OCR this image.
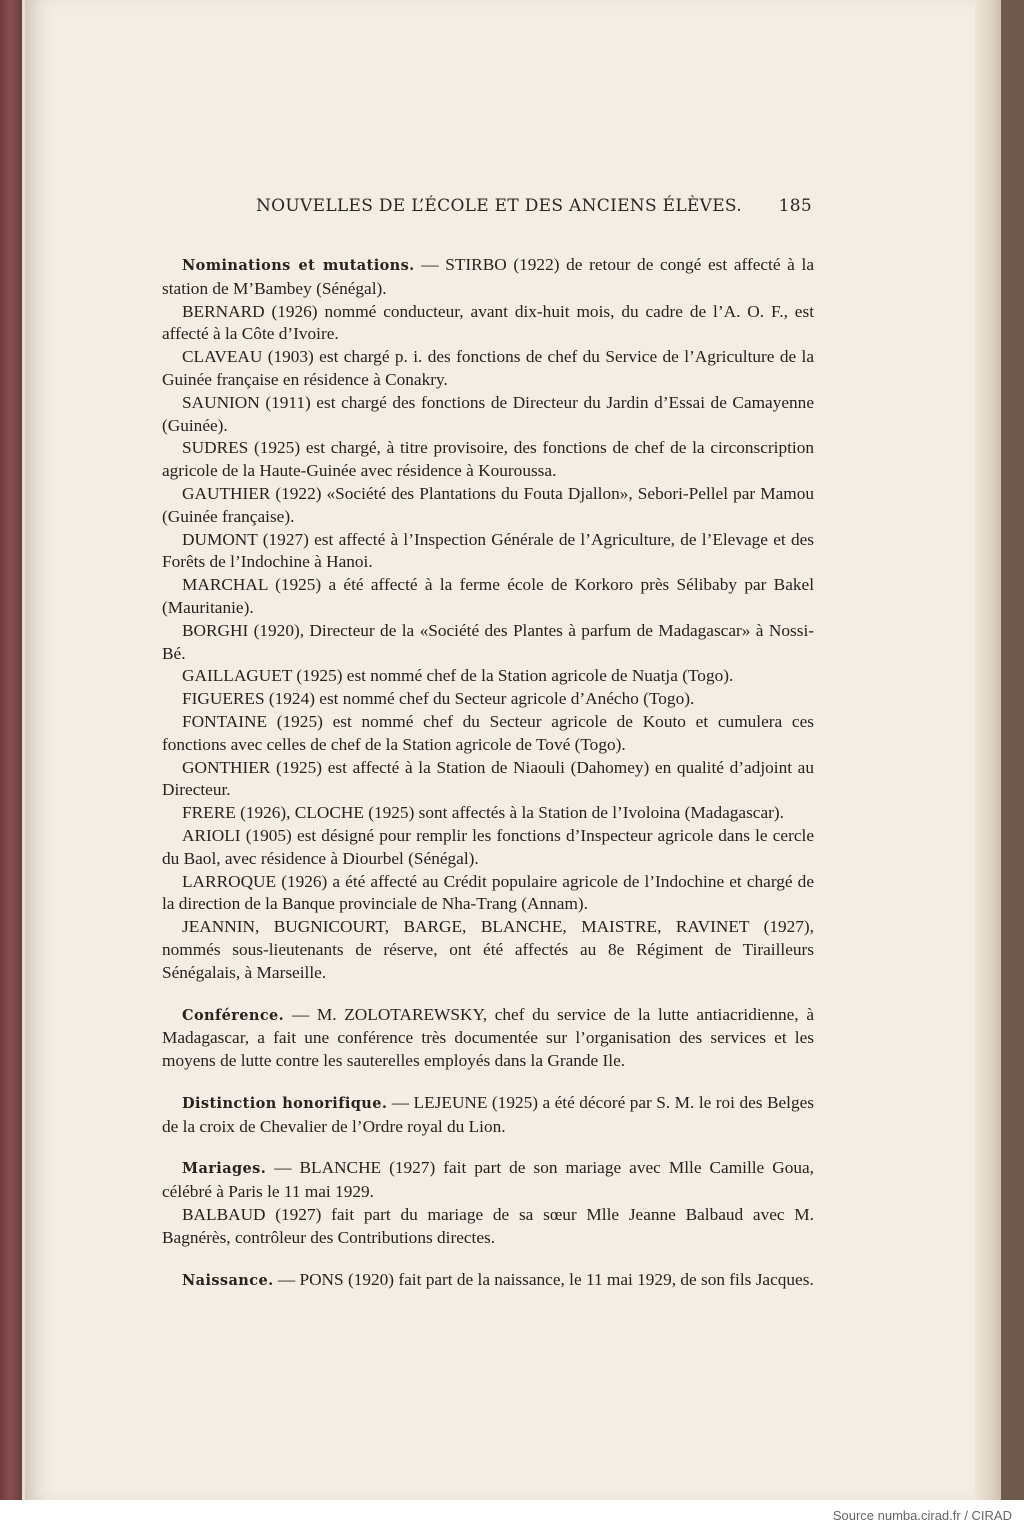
NOUVELLES DE L’ÉCOLE ET DES ANCIENS ÉLÈVES. 185

Nominations et mutations. — STIRBO (1922) de retour de congé est affecté à la station de M’Bambey (Sénégal).

BERNARD (1926) nommé conducteur, avant dix-huit mois, du cadre de l’A. O. F., est affecté à la Côte d’Ivoire.

CLAVEAU (1903) est chargé p. i. des fonctions de chef du Service de l’Agriculture de la Guinée française en résidence à Conakry.

SAUNION (1911) est chargé des fonctions de Directeur du Jardin d’Essai de Camayenne (Guinée).

SUDRES (1925) est chargé, à titre provisoire, des fonctions de chef de la circonscription agricole de la Haute-Guinée avec résidence à Kouroussa.

GAUTHIER (1922) «Société des Plantations du Fouta Djallon», Sebori-Pellel par Mamou (Guinée française).

DUMONT (1927) est affecté à l’Inspection Générale de l’Agriculture, de l’Elevage et des Forêts de l’Indochine à Hanoi.

MARCHAL (1925) a été affecté à la ferme école de Korkoro près Sélibaby par Bakel (Mauritanie).

BORGHI (1920), Directeur de la «Société des Plantes à parfum de Madagascar» à Nossi-Bé.

GAILLAGUET (1925) est nommé chef de la Station agricole de Nuatja (Togo).

FIGUERES (1924) est nommé chef du Secteur agricole d’Anécho (Togo).

FONTAINE (1925) est nommé chef du Secteur agricole de Kouto et cumulera ces fonctions avec celles de chef de la Station agricole de Tové (Togo).

GONTHIER (1925) est affecté à la Station de Niaouli (Dahomey) en qualité d’adjoint au Directeur.

FRERE (1926), CLOCHE (1925) sont affectés à la Station de l’Ivoloina (Madagascar).

ARIOLI (1905) est désigné pour remplir les fonctions d’Inspecteur agricole dans le cercle du Baol, avec résidence à Diourbel (Sénégal).

LARROQUE (1926) a été affecté au Crédit populaire agricole de l’Indochine et chargé de la direction de la Banque provinciale de Nha-Trang (Annam).

JEANNIN, BUGNICOURT, BARGE, BLANCHE, MAISTRE, RAVINET (1927), nommés sous-lieutenants de réserve, ont été affectés au 8e Régiment de Tirailleurs Sénégalais, à Marseille.

Conférence. — M. ZOLOTAREWSKY, chef du service de la lutte antiacridienne, à Madagascar, a fait une conférence très documentée sur l’organisation des services et les moyens de lutte contre les sauterelles employés dans la Grande Ile.

Distinction honorifique. — LEJEUNE (1925) a été décoré par S. M. le roi des Belges de la croix de Chevalier de l’Ordre royal du Lion.

Mariages. — BLANCHE (1927) fait part de son mariage avec Mlle Camille Goua, célébré à Paris le 11 mai 1929.

BALBAUD (1927) fait part du mariage de sa sœur Mlle Jeanne Balbaud avec M. Bagnérès, contrôleur des Contributions directes.

Naissance. — PONS (1920) fait part de la naissance, le 11 mai 1929, de son fils Jacques.

Source numba.cirad.fr / CIRAD
